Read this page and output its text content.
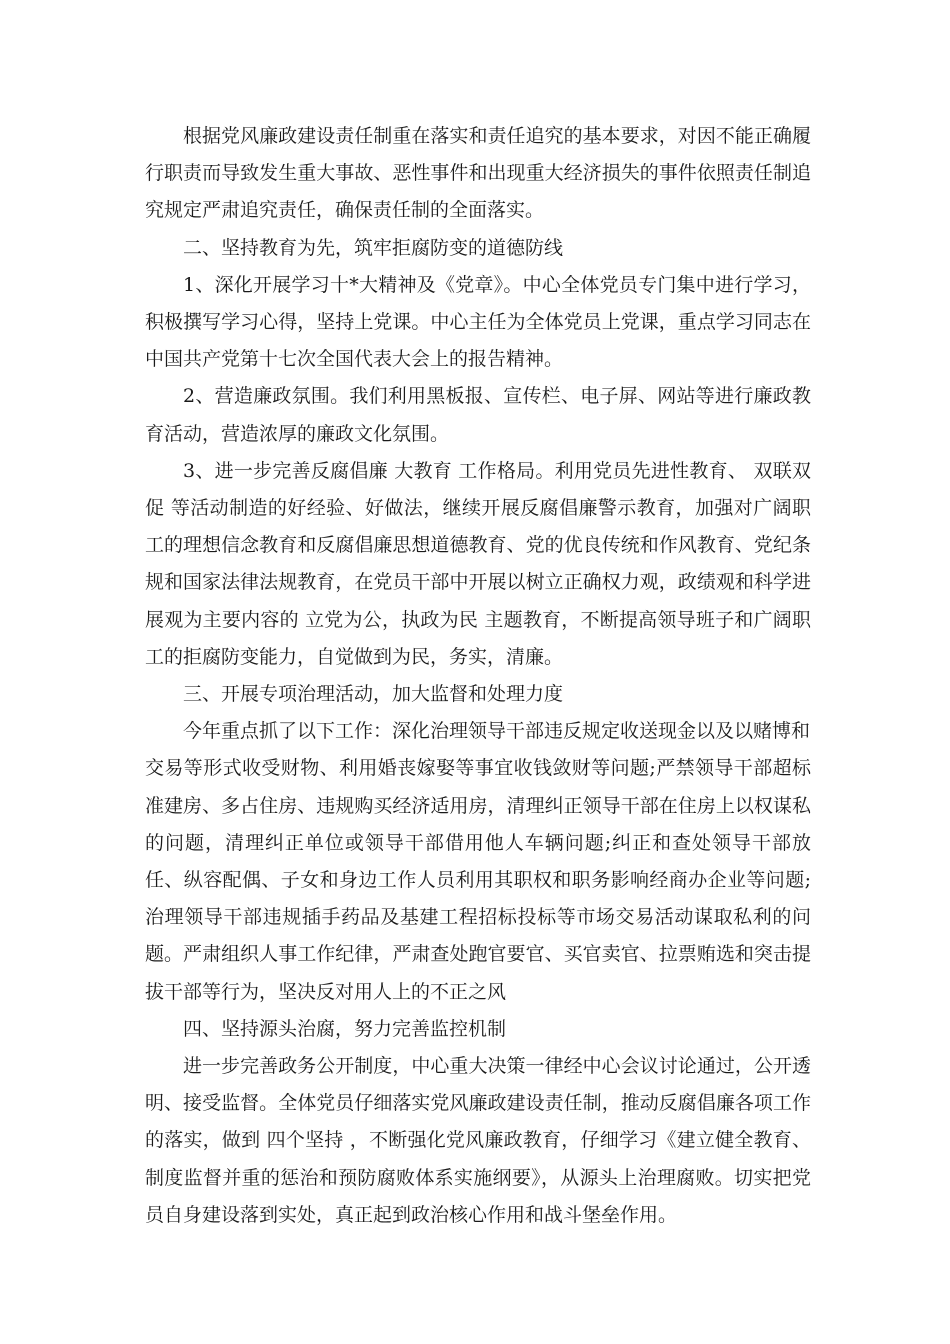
根据党风廉政建设责任制重在落实和责任追究的基本要求，对因不能正确履行职责而导致发生重大事故、恶性事件和出现重大经济损失的事件依照责任制追究规定严肃追究责任，确保责任制的全面落实。

二、坚持教育为先，筑牢拒腐防变的道德防线

1、深化开展学习十*大精神及《党章》。中心全体党员专门集中进行学习，积极撰写学习心得，坚持上党课。中心主任为全体党员上党课，重点学习同志在中国共产党第十七次全国代表大会上的报告精神。

2、营造廉政氛围。我们利用黑板报、宣传栏、电子屏、网站等进行廉政教育活动，营造浓厚的廉政文化氛围。

3、进一步完善反腐倡廉 大教育 工作格局。利用党员先进性教育、 双联双促 等活动制造的好经验、好做法，继续开展反腐倡廉警示教育，加强对广阔职工的理想信念教育和反腐倡廉思想道德教育、党的优良传统和作风教育、党纪条规和国家法律法规教育，在党员干部中开展以树立正确权力观，政绩观和科学进展观为主要内容的 立党为公，执政为民 主题教育，不断提高领导班子和广阔职工的拒腐防变能力，自觉做到为民，务实，清廉。

三、开展专项治理活动，加大监督和处理力度

今年重点抓了以下工作：深化治理领导干部违反规定收送现金以及以赌博和

交易等形式收受财物、利用婚丧嫁娶等事宜收钱敛财等问题;严禁领导干部超标准建房、多占住房、违规购买经济适用房，清理纠正领导干部在住房上以权谋私的问题，清理纠正单位或领导干部借用他人车辆问题;纠正和查处领导干部放任、纵容配偶、子女和身边工作人员利用其职权和职务影响经商办企业等问题;治理领导干部违规插手药品及基建工程招标投标等市场交易活动谋取私利的问题。严肃组织人事工作纪律，严肃查处跑官要官、买官卖官、拉票贿选和突击提拔干部等行为，坚决反对用人上的不正之风

四、坚持源头治腐，努力完善监控机制

进一步完善政务公开制度，中心重大决策一律经中心会议讨论通过，公开透明、接受监督。全体党员仔细落实党风廉政建设责任制，推动反腐倡廉各项工作的落实，做到 四个坚持 ，不断强化党风廉政教育，仔细学习《建立健全教育、制度监督并重的惩治和预防腐败体系实施纲要》，从源头上治理腐败。切实把党员自身建设落到实处，真正起到政治核心作用和战斗堡垒作用。
